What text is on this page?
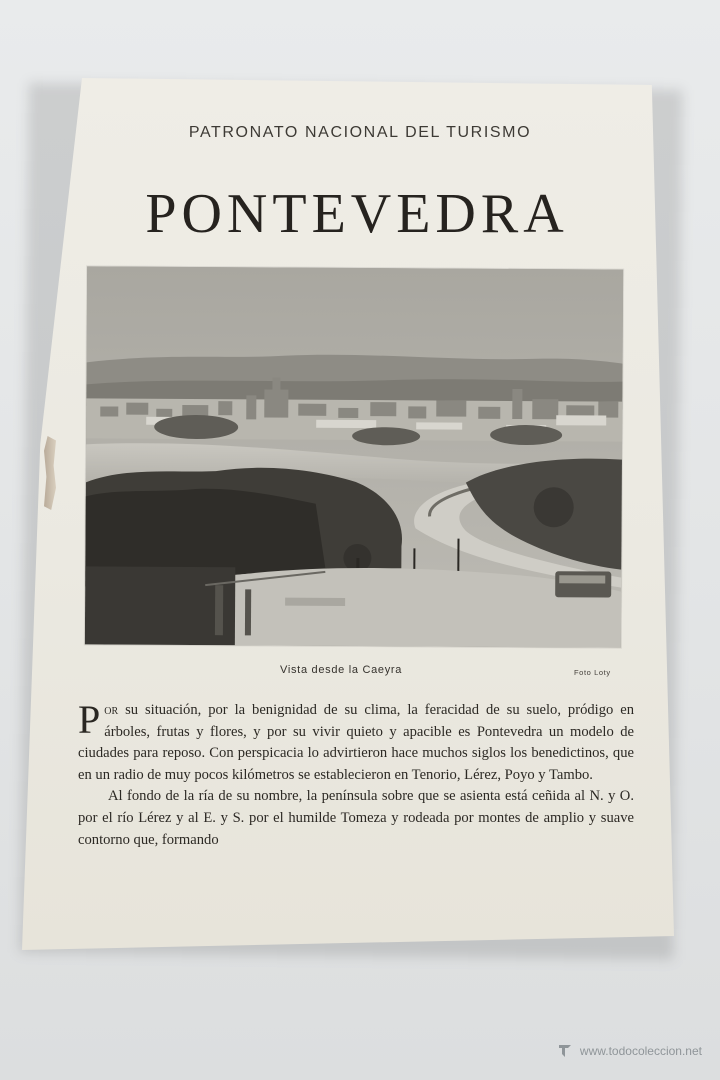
PATRONATO NACIONAL DEL TURISMO
PONTEVEDRA
Vista desde la Caeyra	Foto Loty

Por su situación, por la benignidad de su clima, la feracidad de su suelo, pródigo en árboles, frutas y flores, y por su vivir quieto y apacible es Pontevedra un modelo de ciudades para reposo. Con perspicacia lo advirtieron hace muchos siglos los benedictinos, que en un radio de muy pocos kilómetros se establecieron en Tenorio, Lérez, Poyo y Tambo.

Al fondo de la ría de su nombre, la península sobre que se asienta está ceñida al N. y O. por el río Lérez y al E. y S. por el humilde Tomeza y rodeada por montes de amplio y suave contorno que, formando

www.todocoleccion.net
